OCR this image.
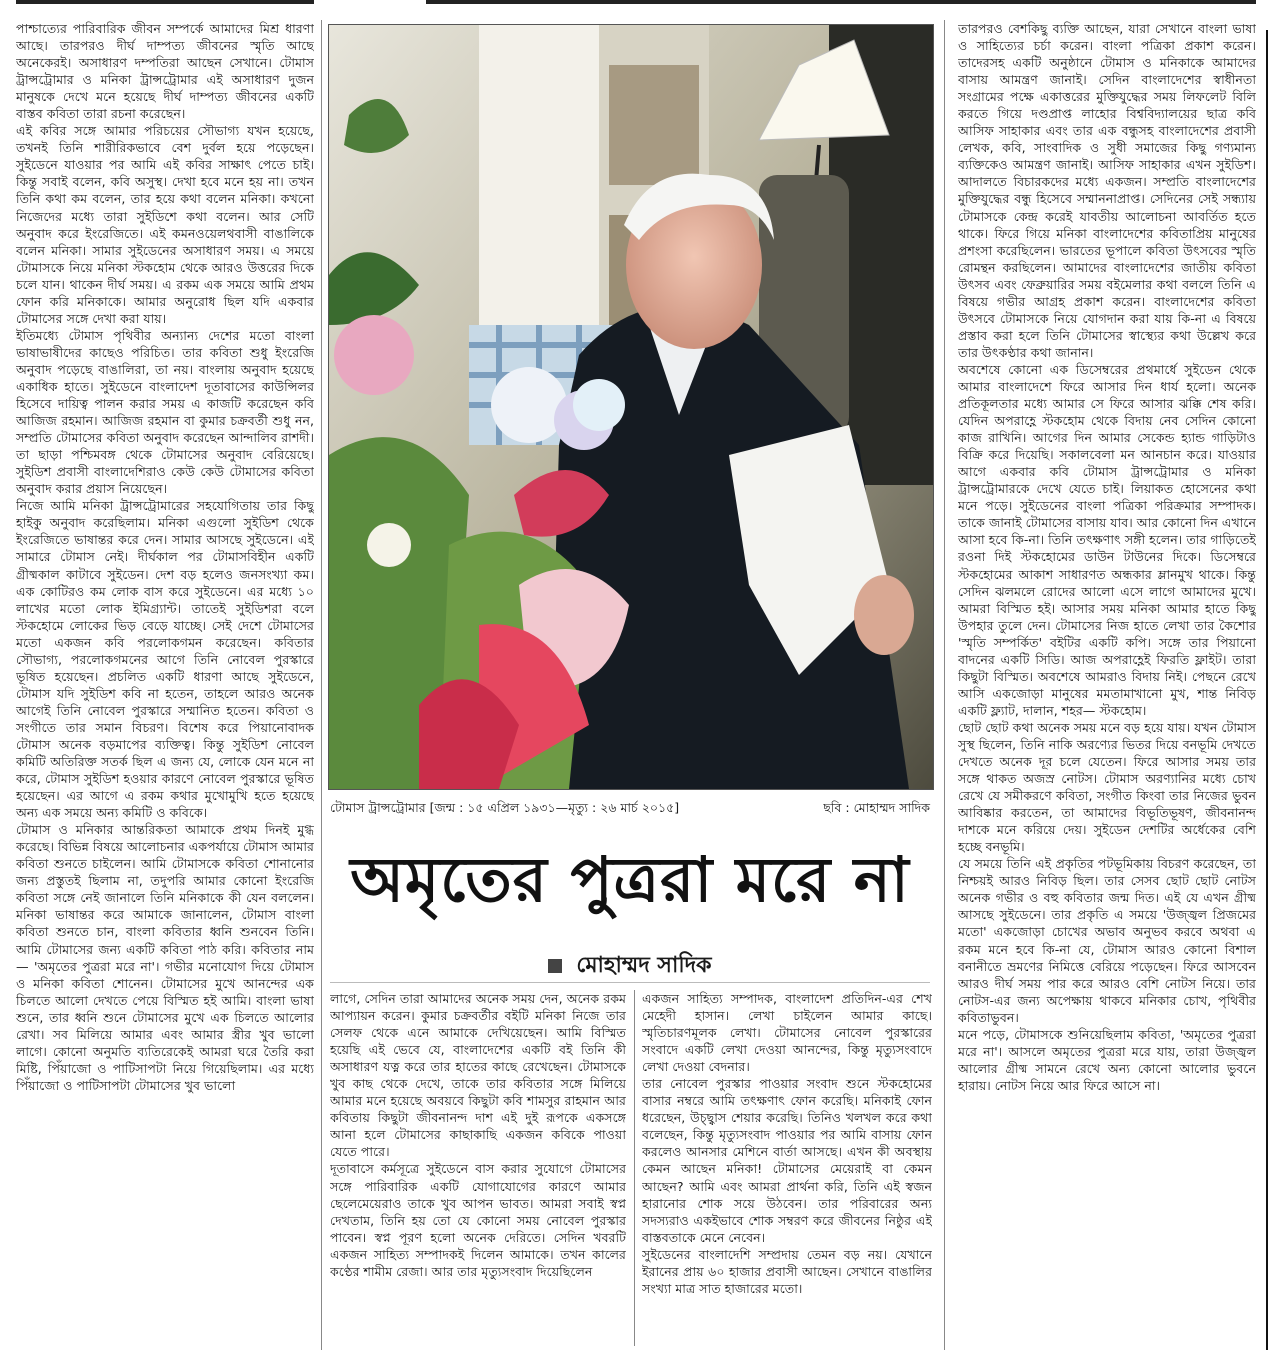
পাশ্চাত্যের পারিবারিক জীবন সম্পর্কে আমাদের মিশ্র ধারণা আছে। তারপরও দীর্ঘ দাম্পত্য জীবনের স্মৃতি আছে অনেকেরই। অসাধারণ দম্পতিরা আছেন সেখানে। টোমাস ট্রান্সট্রোমার ও মনিকা ট্রান্সট্রোমার এই অসাধারণ দুজন মানুষকে দেখে মনে হয়েছে দীর্ঘ দাম্পত্য জীবনের একটি বাস্তব কবিতা তারা রচনা করেছেন।

এই কবির সঙ্গে আমার পরিচয়ের সৌভাগ্য যখন হয়েছে, তখনই তিনি শারীরিকভাবে বেশ দুর্বল হয়ে পড়েছেন। সুইডেনে যাওয়ার পর আমি এই কবির সাক্ষাৎ পেতে চাই। কিন্তু সবাই বলেন, কবি অসুস্থ। দেখা হবে মনে হয় না। তখন তিনি কথা কম বলেন, তার হয়ে কথা বলেন মনিকা। কখনো নিজেদের মধ্যে তারা সুইডিশে কথা বলেন। আর সেটি অনুবাদ করে ইংরেজিতে। এই কমনওয়েলথবাসী বাঙালিকে বলেন মনিকা। সামার সুইডেনের অসাধারণ সময়। এ সময়ে টোমাসকে নিয়ে মনিকা স্টকহোম থেকে আরও উত্তরের দিকে চলে যান। থাকেন দীর্ঘ সময়। এ রকম এক সময়ে আমি প্রথম ফোন করি মনিকাকে। আমার অনুরোধ ছিল যদি একবার টোমাসের সঙ্গে দেখা করা যায়।

ইতিমধ্যে টোমাস পৃথিবীর অন্যান্য দেশের মতো বাংলা ভাষাভাষীদের কাছেও পরিচিত। তার কবিতা শুধু ইংরেজি অনুবাদ পড়েছে বাঙালিরা, তা নয়। বাংলায় অনুবাদ হয়েছে একাধিক হাতে। সুইডেনে বাংলাদেশ দূতাবাসের কাউন্সিলর হিসেবে দায়িত্ব পালন করার সময় এ কাজটি করেছেন কবি আজিজ রহমান। আজিজ রহমান বা কুমার চক্রবর্তী শুধু নন, সম্প্রতি টোমাসের কবিতা অনুবাদ করেছেন আন্দালিব রাশদী। তা ছাড়া পশ্চিমবঙ্গ থেকে টোমাসের অনুবাদ বেরিয়েছে। সুইডিশ প্রবাসী বাংলাদেশিরাও কেউ কেউ টোমাসের কবিতা অনুবাদ করার প্রয়াস নিয়েছেন।

নিজে আমি মনিকা ট্রান্সট্রোমারের সহযোগিতায় তার কিছু হাইকু অনুবাদ করেছিলাম। মনিকা এগুলো সুইডিশ থেকে ইংরেজিতে ভাষান্তর করে দেন। সামার আসছে সুইডেনে। এই সামারে টোমাস নেই। দীর্ঘকাল পর টোমাসবিহীন একটি গ্রীষ্মকাল কাটাবে সুইডেন। দেশ বড় হলেও জনসংখ্যা কম। এক কোটিরও কম লোক বাস করে সুইডেনে। এর মধ্যে ১০ লাখের মতো লোক ইমিগ্র্যান্ট। তাতেই সুইডিশরা বলে স্টকহোমে লোকের ভিড় বেড়ে যাচ্ছে। সেই দেশে টোমাসের মতো একজন কবি পরলোকগমন করেছেন। কবিতার সৌভাগ্য, পরলোকগমনের আগে তিনি নোবেল পুরস্কারে ভূষিত হয়েছেন। প্রচলিত একটি ধারণা আছে সুইডেনে, টোমাস যদি সুইডিশ কবি না হতেন, তাহলে আরও অনেক আগেই তিনি নোবেল পুরস্কারে সম্মানিত হতেন। কবিতা ও সংগীতে তার সমান বিচরণ। বিশেষ করে পিয়ানোবাদক টোমাস অনেক বড়মাপের ব্যক্তিত্ব। কিন্তু সুইডিশ নোবেল কমিটি অতিরিক্ত সতর্ক ছিল এ জন্য যে, লোকে যেন মনে না করে, টোমাস সুইডিশ হওয়ার কারণে নোবেল পুরস্কারে ভূষিত হয়েছেন। এর আগে এ রকম কথার মুখোমুখি হতে হয়েছে অন্য এক সময়ে অন্য কমিটি ও কবিকে।

টোমাস ও মনিকার আন্তরিকতা আমাকে প্রথম দিনই মুগ্ধ করেছে। বিভিন্ন বিষয়ে আলোচনার একপর্যায়ে টোমাস আমার কবিতা শুনতে চাইলেন। আমি টোমাসকে কবিতা শোনানোর জন্য প্রস্তুতই ছিলাম না, তদুপরি আমার কোনো ইংরেজি কবিতা সঙ্গে নেই জানালে তিনি মনিকাকে কী যেন বললেন। মনিকা ভাষান্তর করে আমাকে জানালেন, টোমাস বাংলা কবিতা শুনতে চান, বাংলা কবিতার ধ্বনি শুনবেন তিনি। আমি টোমাসের জন্য একটি কবিতা পাঠ করি। কবিতার নাম— 'অমৃতের পুত্ররা মরে না'। গভীর মনোযোগ দিয়ে টোমাস ও মনিকা কবিতা শোনেন। টোমাসের মুখে আনন্দের এক চিলতে আলো দেখতে পেয়ে বিস্মিত হই আমি। বাংলা ভাষা শুনে, তার ধ্বনি শুনে টোমাসের মুখে এক চিলতে আলোর রেখা। সব মিলিয়ে আমার এবং আমার স্ত্রীর খুব ভালো লাগে। কোনো অনুমতি ব্যতিরেকেই আমরা ঘরে তৈরি করা মিষ্টি, পিঁয়াজো ও পাটিসাপটা নিয়ে গিয়েছিলাম। এর মধ্যে পিঁয়াজো ও পাটিসাপটা টোমাসের খুব ভালো

টোমাস ট্রান্সট্রোমার [জন্ম : ১৫ এপ্রিল ১৯৩১—মৃত্যু : ২৬ মার্চ ২০১৫]	ছবি : মোহাম্মদ সাদিক
অমৃতের পুত্ররা মরে না
মোহাম্মদ সাদিক

লাগে, সেদিন তারা আমাদের অনেক সময় দেন, অনেক রকম আপ্যায়ন করেন। কুমার চক্রবর্তীর বইটি মনিকা নিজে তার সেলফ থেকে এনে আমাকে দেখিয়েছেন। আমি বিস্মিত হয়েছি এই ভেবে যে, বাংলাদেশের একটি বই তিনি কী অসাধারণ যত্ন করে তার হাতের কাছে রেখেছেন। টোমাসকে খুব কাছ থেকে দেখে, তাকে তার কবিতার সঙ্গে মিলিয়ে আমার মনে হয়েছে অবয়বে কিছুটা কবি শামসুর রাহমান আর কবিতায় কিছুটা জীবনানন্দ দাশ এই দুই রূপকে একসঙ্গে আনা হলে টোমাসের কাছাকাছি একজন কবিকে পাওয়া যেতে পারে।

দূতাবাসে কর্মসূত্রে সুইডেনে বাস করার সুযোগে টোমাসের সঙ্গে পারিবারিক একটি যোগাযোগের কারণে আমার ছেলেমেয়েরাও তাকে খুব আপন ভাবত। আমরা সবাই স্বপ্ন দেখতাম, তিনি হয় তো যে কোনো সময় নোবেল পুরস্কার পাবেন। স্বপ্ন পূরণ হলো অনেক দেরিতে। সেদিন খবরটি একজন সাহিত্য সম্পাদকই দিলেন আমাকে। তখন কালের কণ্ঠের শামীম রেজা। আর তার মৃত্যুসংবাদ দিয়েছিলেন

একজন সাহিত্য সম্পাদক, বাংলাদেশ প্রতিদিন-এর শেখ মেহেদী হাসান। লেখা চাইলেন আমার কাছে। স্মৃতিচারণমূলক লেখা। টোমাসের নোবেল পুরস্কারের সংবাদে একটি লেখা দেওয়া আনন্দের, কিন্তু মৃত্যুসংবাদে লেখা দেওয়া বেদনার।

তার নোবেল পুরস্কার পাওয়ার সংবাদ শুনে স্টকহোমের বাসার নম্বরে আমি তৎক্ষণাৎ ফোন করেছি। মনিকাই ফোন ধরেছেন, উচ্ছ্বাস শেয়ার করেছি। তিনিও খলখল করে কথা বলেছেন, কিন্তু মৃত্যুসংবাদ পাওয়ার পর আমি বাসায় ফোন করলেও আনসার মেশিনে বার্তা আসছে। এখন কী অবস্থায় কেমন আছেন মনিকা! টোমাসের মেয়েরাই বা কেমন আছেন? আমি এবং আমরা প্রার্থনা করি, তিনি এই স্বজন হারানোর শোক সয়ে উঠবেন। তার পরিবারের অন্য সদস্যরাও একইভাবে শোক সম্বরণ করে জীবনের নিষ্ঠুর এই বাস্তবতাকে মেনে নেবেন।

সুইডেনের বাংলাদেশি সম্প্রদায় তেমন বড় নয়। যেখানে ইরানের প্রায় ৬০ হাজার প্রবাসী আছেন। সেখানে বাঙালির সংখ্যা মাত্র সাত হাজারের মতো।

তারপরও বেশকিছু ব্যক্তি আছেন, যারা সেখানে বাংলা ভাষা ও সাহিত্যের চর্চা করেন। বাংলা পত্রিকা প্রকাশ করেন। তাদেরসহ একটি অনুষ্ঠানে টোমাস ও মনিকাকে আমাদের বাসায় আমন্ত্রণ জানাই। সেদিন বাংলাদেশের স্বাধীনতা সংগ্রামের পক্ষে একাত্তরের মুক্তিযুদ্ধের সময় লিফলেট বিলি করতে গিয়ে দণ্ডপ্রাপ্ত লাহোর বিশ্ববিদ্যালয়ের ছাত্র কবি আসিফ সাহাকার এবং তার এক বন্ধুসহ বাংলাদেশের প্রবাসী লেখক, কবি, সাংবাদিক ও সুধী সমাজের কিছু গণ্যমান্য ব্যক্তিকেও আমন্ত্রণ জানাই। আসিফ সাহাকার এখন সুইডিশ। আদালতে বিচারকদের মধ্যে একজন। সম্প্রতি বাংলাদেশের মুক্তিযুদ্ধের বন্ধু হিসেবে সম্মাননাপ্রাপ্ত। সেদিনের সেই সন্ধ্যায় টোমাসকে কেন্দ্র করেই যাবতীয় আলোচনা আবর্তিত হতে থাকে। ফিরে গিয়ে মনিকা বাংলাদেশের কবিতাপ্রিয় মানুষের প্রশংসা করেছিলেন। ভারতের ভূপালে কবিতা উৎসবের স্মৃতি রোমন্থন করছিলেন। আমাদের বাংলাদেশের জাতীয় কবিতা উৎসব এবং ফেব্রুয়ারির সময় বইমেলার কথা বললে তিনি এ বিষয়ে গভীর আগ্রহ প্রকাশ করেন। বাংলাদেশের কবিতা উৎসবে টোমাসকে নিয়ে যোগদান করা যায় কি-না এ বিষয়ে প্রস্তাব করা হলে তিনি টোমাসের স্বাস্থ্যের কথা উল্লেখ করে তার উৎকণ্ঠার কথা জানান।

অবশেষে কোনো এক ডিসেম্বরের প্রথমার্ধে সুইডেন থেকে আমার বাংলাদেশে ফিরে আসার দিন ধার্য হলো। অনেক প্রতিকূলতার মধ্যে আমার সে ফিরে আসার ঝক্কি শেষ করি। যেদিন অপরাহ্ণে স্টকহোম থেকে বিদায় নেব সেদিন কোনো কাজ রাখিনি। আগের দিন আমার সেকেন্ড হ্যান্ড গাড়িটাও বিক্রি করে দিয়েছি। সকালবেলা মন আনচান করে। যাওয়ার আগে একবার কবি টোমাস ট্রান্সট্রোমার ও মনিকা ট্রান্সট্রোমারকে দেখে যেতে চাই। লিয়াকত হোসেনের কথা মনে পড়ে। সুইডেনের বাংলা পত্রিকা পরিক্রমার সম্পাদক। তাকে জানাই টোমাসের বাসায় যাব। আর কোনো দিন এখানে আসা হবে কি-না। তিনি তৎক্ষণাৎ সঙ্গী হলেন। তার গাড়িতেই রওনা দিই স্টকহোমের ডাউন টাউনের দিকে। ডিসেম্বরে স্টকহোমের আকাশ সাধারণত অন্ধকার ম্লানমুখ থাকে। কিন্তু সেদিন ঝলমলে রোদের আলো এসে লাগে আমাদের মুখে। আমরা বিস্মিত হই। আসার সময় মনিকা আমার হাতে কিছু উপহার তুলে দেন। টোমাসের নিজ হাতে লেখা তার কৈশোর 'স্মৃতি সম্পর্কিত' বইটির একটি কপি। সঙ্গে তার পিয়ানো বাদনের একটি সিডি। আজ অপরাহ্ণেই ফিরতি ফ্লাইট। তারা কিছুটা বিস্মিত। অবশেষে আমরাও বিদায় নিই। পেছনে রেখে আসি একজোড়া মানুষের মমতামাখানো মুখ, শান্ত নিবিড় একটি ফ্ল্যাট, দালান, শহর— স্টকহোম।

ছোট ছোট কথা অনেক সময় মনে বড় হয়ে যায়। যখন টোমাস সুস্থ ছিলেন, তিনি নাকি অরণ্যের ভিতর দিয়ে বনভূমি দেখতে দেখতে অনেক দূর চলে যেতেন। ফিরে আসার সময় তার সঙ্গে থাকত অজস্র নোটস। টোমাস অরণ্যানির মধ্যে চোখ রেখে যে সমীকরণে কবিতা, সংগীত কিংবা তার নিজের ভুবন আবিষ্কার করতেন, তা আমাদের বিভূতিভূষণ, জীবনানন্দ দাশকে মনে করিয়ে দেয়। সুইডেন দেশটির অর্ধেকের বেশি হচ্ছে বনভূমি।

যে সময়ে তিনি এই প্রকৃতির পটভূমিকায় বিচরণ করেছেন, তা নিশ্চয়ই আরও নিবিড় ছিল। তার সেসব ছোট ছোট নোটস অনেক গভীর ও বহু কবিতার জন্ম দিত। এই যে এখন গ্রীষ্ম আসছে সুইডেনে। তার প্রকৃতি এ সময়ে 'উজ্জ্বল প্রিজমের মতো' একজোড়া চোখের অভাব অনুভব করবে অথবা এ রকম মনে হবে কি-না যে, টোমাস আরও কোনো বিশাল বনানীতে ভ্রমণের নিমিত্তে বেরিয়ে পড়েছেন। ফিরে আসবেন আরও দীর্ঘ সময় পার করে আরও বেশি নোটস নিয়ে। তার নোটস-এর জন্য অপেক্ষায় থাকবে মনিকার চোখ, পৃথিবীর কবিতাভুবন।

মনে পড়ে, টোমাসকে শুনিয়েছিলাম কবিতা, 'অমৃতের পুত্ররা মরে না'। আসলে অমৃতের পুত্ররা মরে যায়, তারা উজ্জ্বল আলোর গ্রীষ্ম সামনে রেখে অন্য কোনো আলোর ভুবনে হারায়। নোটস নিয়ে আর ফিরে আসে না।
